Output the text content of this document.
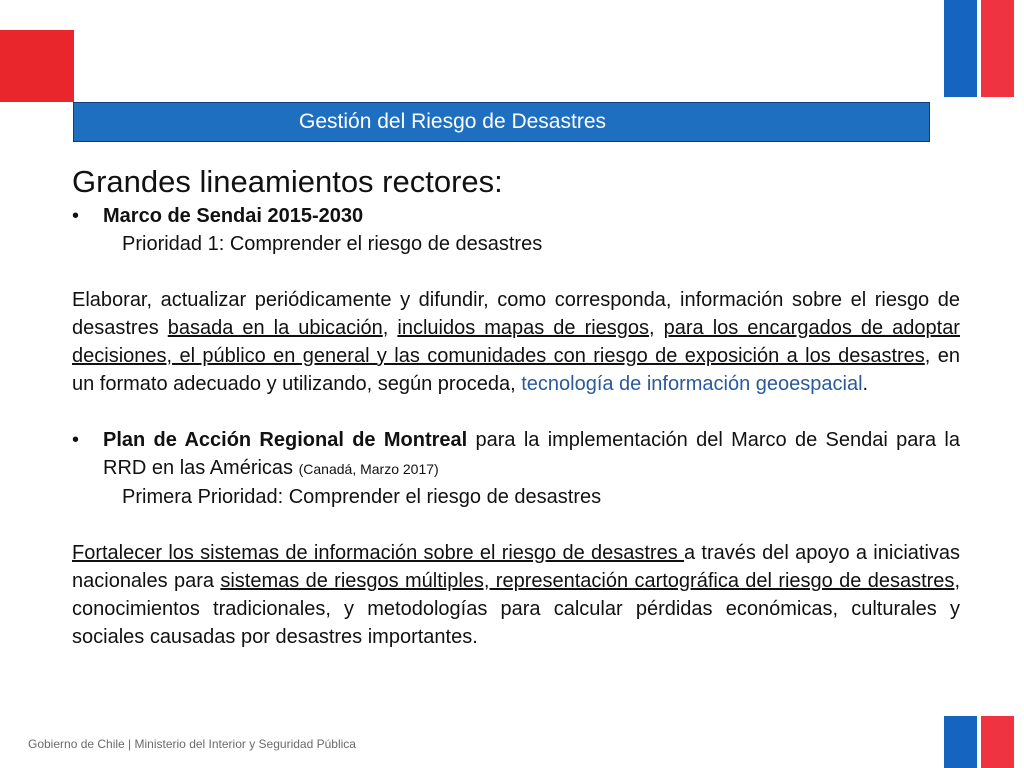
Gestión del Riesgo de Desastres
Grandes lineamientos rectores:
•	Marco de Sendai 2015-2030
Prioridad 1: Comprender el riesgo de desastres

Elaborar, actualizar periódicamente y difundir, como corresponda, información sobre el riesgo de desastres basada en la ubicación, incluidos mapas de riesgos, para los encargados de adoptar decisiones, el público en general y las comunidades con riesgo de exposición a los desastres, en un formato adecuado y utilizando, según proceda, tecnología de información geoespacial.

•	Plan de Acción Regional de Montreal para la implementación del Marco de Sendai para la RRD en las Américas (Canadá, Marzo 2017)
Primera Prioridad: Comprender el riesgo de desastres

Fortalecer los sistemas de información sobre el riesgo de desastres a través del apoyo a iniciativas nacionales para sistemas de riesgos múltiples, representación cartográfica del riesgo de desastres, conocimientos tradicionales, y metodologías para calcular pérdidas económicas, culturales y sociales causadas por desastres importantes.

Gobierno de Chile | Ministerio del Interior y Seguridad Pública
